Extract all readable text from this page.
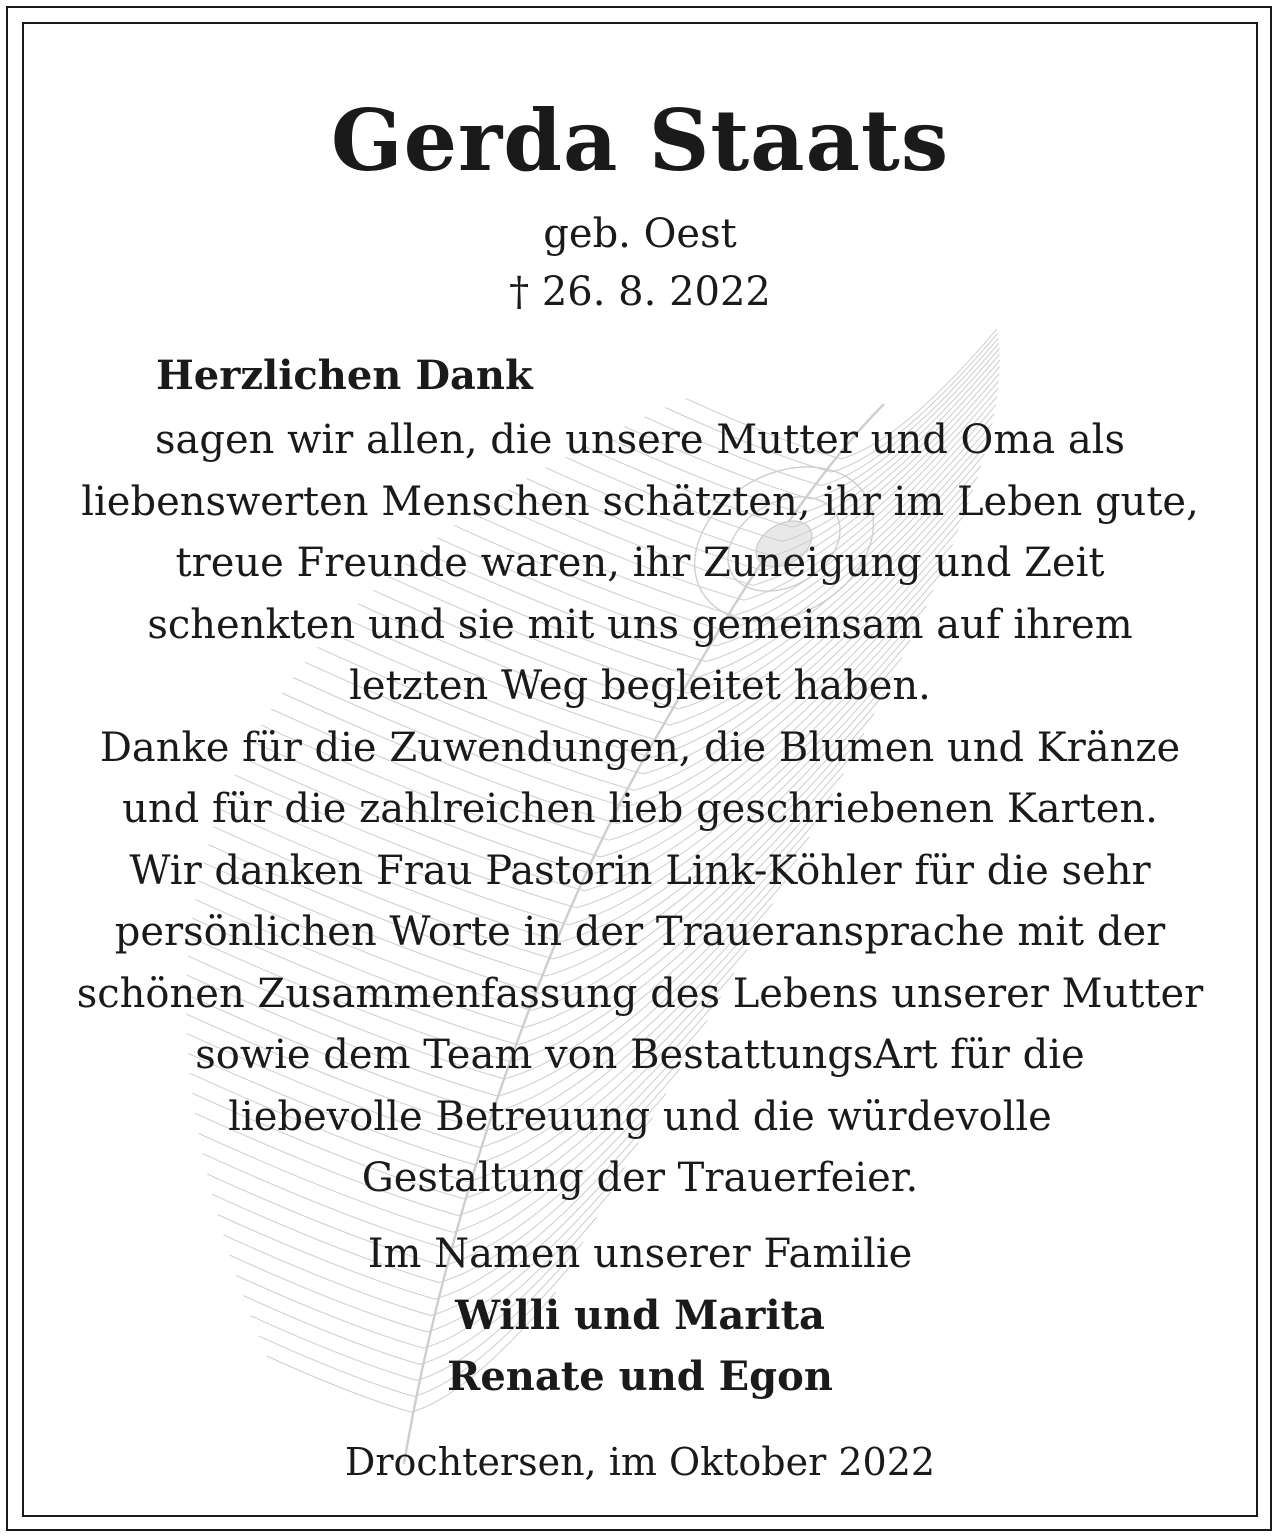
Gerda Staats
geb. Oest
† 26. 8. 2022
Herzlichen Dank
sagen wir allen, die unsere Mutter und Oma als
liebenswerten Menschen schätzten, ihr im Leben gute,
treue Freunde waren, ihr Zuneigung und Zeit
schenkten und sie mit uns gemeinsam auf ihrem
letzten Weg begleitet haben.
Danke für die Zuwendungen, die Blumen und Kränze
und für die zahlreichen lieb geschriebenen Karten.
Wir danken Frau Pastorin Link-Köhler für die sehr
persönlichen Worte in der Traueransprache mit der
schönen Zusammenfassung des Lebens unserer Mutter
sowie dem Team von BestattungsArt für die
liebevolle Betreuung und die würdevolle
Gestaltung der Trauerfeier.
Im Namen unserer Familie
Willi und Marita
Renate und Egon
Drochtersen, im Oktober 2022
